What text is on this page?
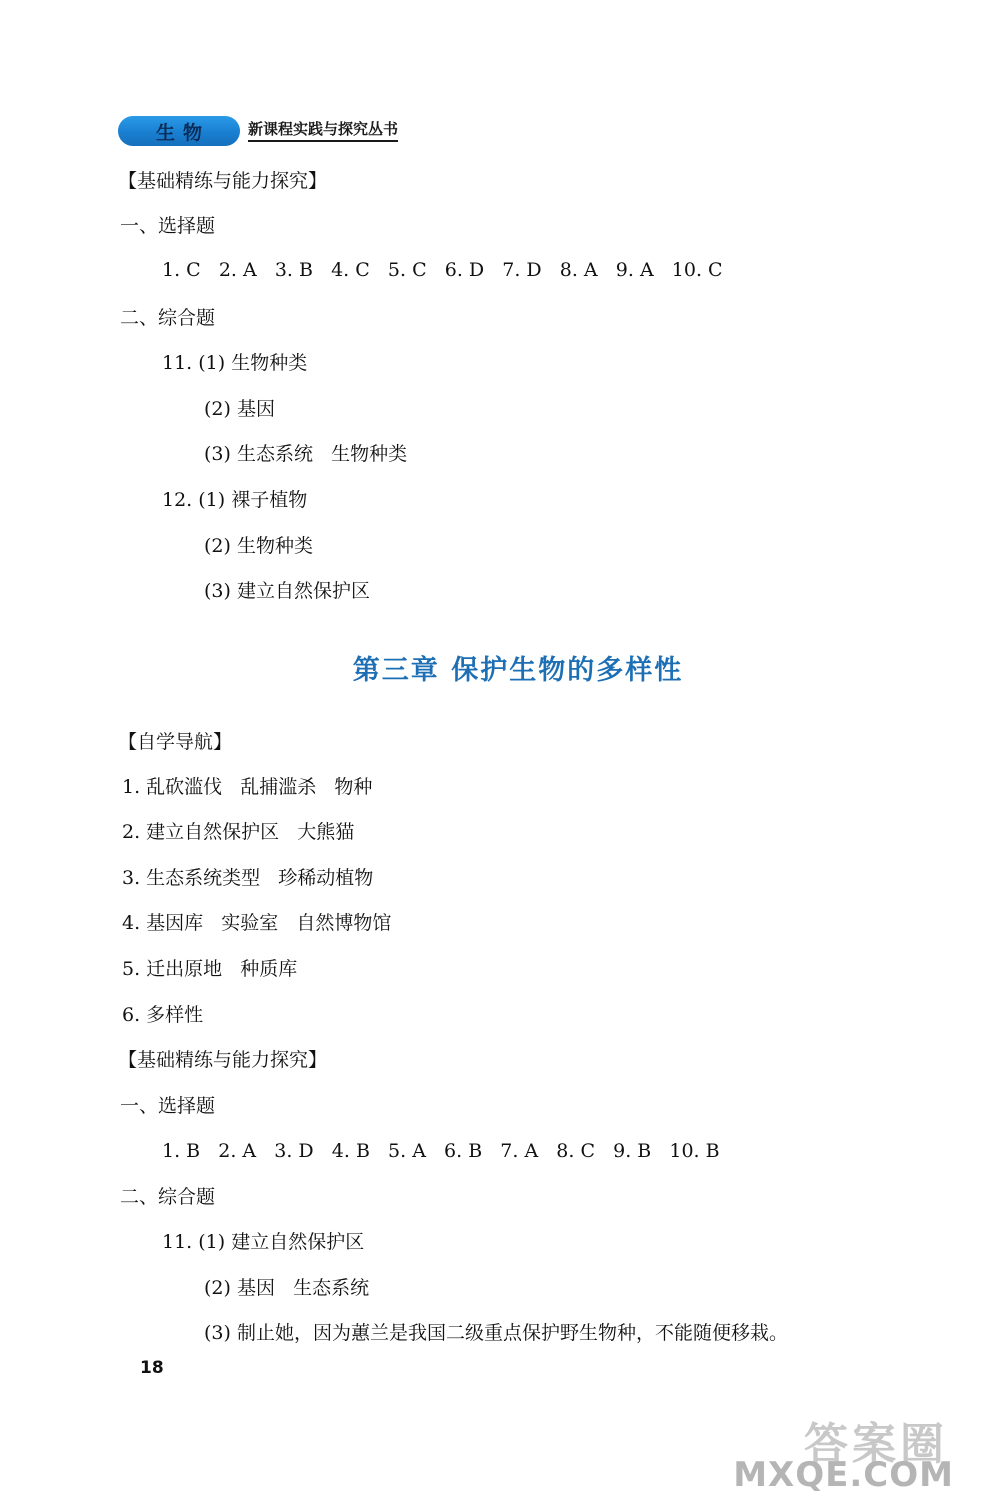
生物	新课程实践与探究丛书
【基础精练与能力探究】
一、选择题
1. C   2. A   3. B   4. C   5. C   6. D   7. D   8. A   9. A   10. C
二、综合题
11. (1) 生物种类
(2) 基因
(3) 生态系统   生物种类
12. (1) 裸子植物
(2) 生物种类
(3) 建立自然保护区
第三章 保护生物的多样性
【自学导航】
1. 乱砍滥伐   乱捕滥杀   物种
2. 建立自然保护区   大熊猫
3. 生态系统类型   珍稀动植物
4. 基因库   实验室   自然博物馆
5. 迁出原地   种质库
6. 多样性
【基础精练与能力探究】
一、选择题
1. B   2. A   3. D   4. B   5. A   6. B   7. A   8. C   9. B   10. B
二、综合题
11. (1) 建立自然保护区
(2) 基因   生态系统
(3) 制止她，因为蕙兰是我国二级重点保护野生物种，不能随便移栽。
18
答案圈
MXQE.COM
